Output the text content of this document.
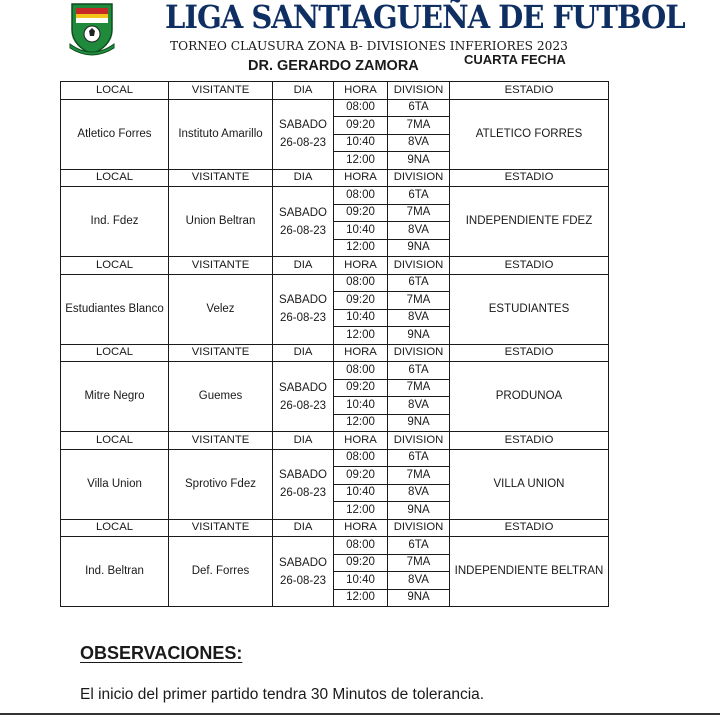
LIGA SANTIAGUEÑA DE FUTBOL
TORNEO CLAUSURA ZONA B- DIVISIONES INFERIORES 2023
CUARTA FECHA
DR. GERARDO ZAMORA
LOCAL	VISITANTE	DIA	HORA	DIVISION	ESTADIO
Atletico Forres	Instituto Amarillo	SABADO
26-08-23	08:00	6TA	ATLETICO FORRES
			09:20	7MA	
			10:40	8VA	
			12:00	9NA	
LOCAL	VISITANTE	DIA	HORA	DIVISION	ESTADIO
Ind. Fdez	Union Beltran	SABADO
26-08-23	08:00	6TA	INDEPENDIENTE FDEZ
			09:20	7MA	
			10:40	8VA	
			12:00	9NA	
LOCAL	VISITANTE	DIA	HORA	DIVISION	ESTADIO
Estudiantes Blanco	Velez	SABADO
26-08-23	08:00	6TA	ESTUDIANTES
			09:20	7MA	
			10:40	8VA	
			12:00	9NA	
LOCAL	VISITANTE	DIA	HORA	DIVISION	ESTADIO
Mitre Negro	Guemes	SABADO
26-08-23	08:00	6TA	PRODUNOA
			09:20	7MA	
			10:40	8VA	
			12:00	9NA	
LOCAL	VISITANTE	DIA	HORA	DIVISION	ESTADIO
Villa Union	Sprotivo Fdez	SABADO
26-08-23	08:00	6TA	VILLA UNION
			09:20	7MA	
			10:40	8VA	
			12:00	9NA	
LOCAL	VISITANTE	DIA	HORA	DIVISION	ESTADIO
Ind. Beltran	Def. Forres	SABADO
26-08-23	08:00	6TA	INDEPENDIENTE BELTRAN
			09:20	7MA	
			10:40	8VA	
			12:00	9NA	
OBSERVACIONES:
El inicio del primer partido tendra 30 Minutos de tolerancia.
